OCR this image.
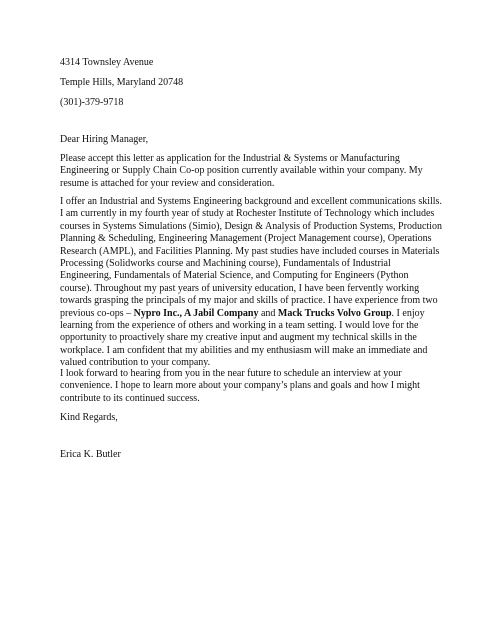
4314 Townsley Avenue

Temple Hills, Maryland 20748

(301)-379-9718

Dear Hiring Manager,

Please accept this letter as application for the Industrial & Systems or Manufacturing Engineering or Supply Chain Co-op position currently available within your company. My resume is attached for your review and consideration.

I offer an Industrial and Systems Engineering background and excellent communications skills. I am currently in my fourth year of study at Rochester Institute of Technology which includes courses in Systems Simulations (Simio), Design & Analysis of Production Systems, Production Planning & Scheduling, Engineering Management (Project Management course), Operations Research (AMPL), and Facilities Planning. My past studies have included courses in Materials Processing (Solidworks course and Machining course), Fundamentals of Industrial Engineering, Fundamentals of Material Science, and Computing for Engineers (Python course). Throughout my past years of university education, I have been fervently working towards grasping the principals of my major and skills of practice. I have experience from two previous co-ops – Nypro Inc., A Jabil Company and Mack Trucks Volvo Group. I enjoy learning from the experience of others and working in a team setting. I would love for the opportunity to proactively share my creative input and augment my technical skills in the workplace. I am confident that my abilities and my enthusiasm will make an immediate and valued contribution to your company.

I look forward to hearing from you in the near future to schedule an interview at your convenience. I hope to learn more about your company’s plans and goals and how I might contribute to its continued success.

Kind Regards,

Erica K. Butler
